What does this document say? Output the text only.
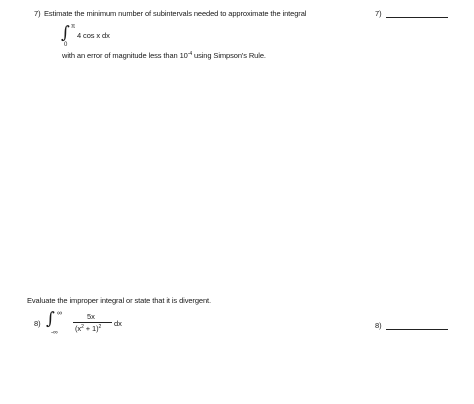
7) Estimate the minimum number of subintervals needed to approximate the integral	7)
∫ π
0
4 cos x dx
with an error of magnitude less than $10^{-4}$ using Simpson's Rule.
Evaluate the improper integral or state that it is divergent.
8) ∫ ∞
-∞
5x
$(x^2 + 1)^2$ dx	8)
